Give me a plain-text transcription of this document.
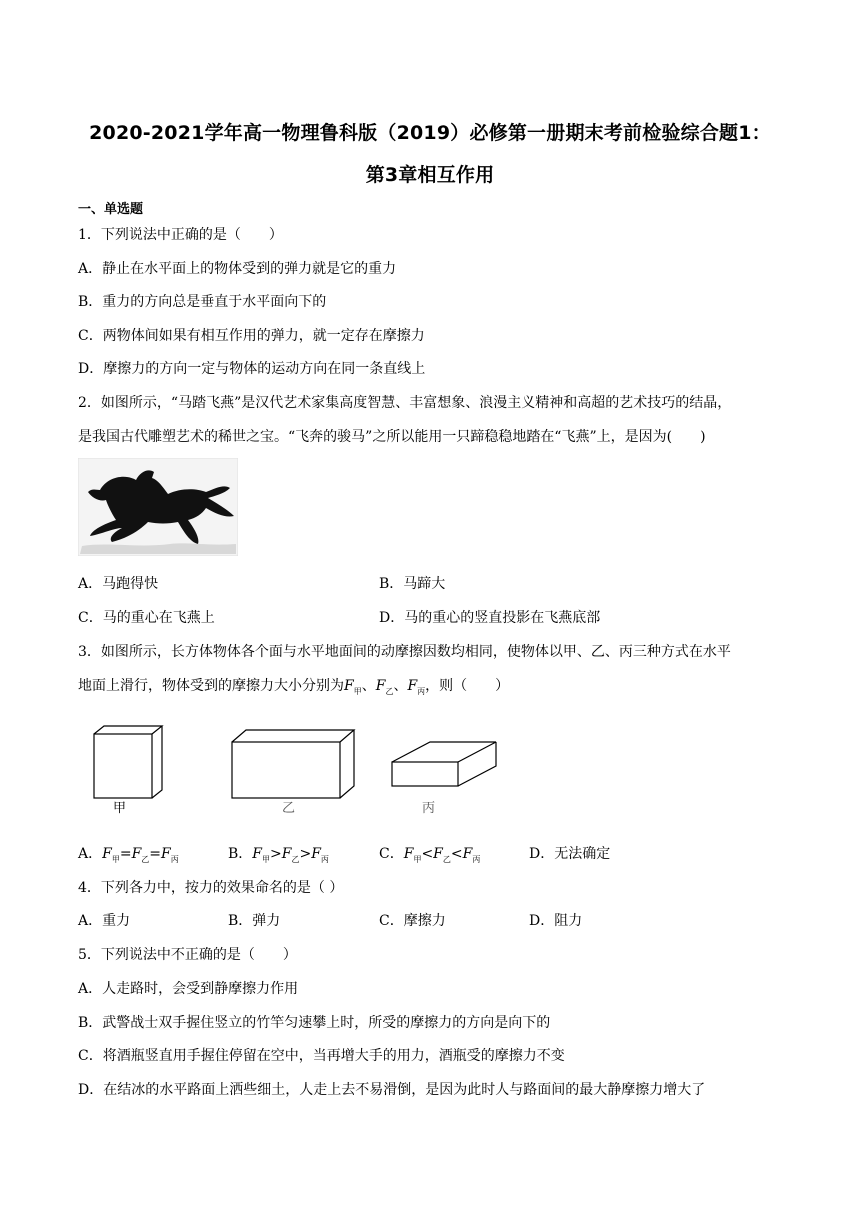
2020-2021学年高一物理鲁科版（2019）必修第一册期末考前检验综合题1：
第3章相互作用
一、单选题
1．下列说法中正确的是（　　）
A．静止在水平面上的物体受到的弹力就是它的重力
B．重力的方向总是垂直于水平面向下的
C．两物体间如果有相互作用的弹力，就一定存在摩擦力
D．摩擦力的方向一定与物体的运动方向在同一条直线上
2．如图所示，“马踏飞燕”是汉代艺术家集高度智慧、丰富想象、浪漫主义精神和高超的艺术技巧的结晶，
是我国古代雕塑艺术的稀世之宝。“飞奔的骏马”之所以能用一只蹄稳稳地踏在“飞燕”上，是因为(　　)
A．马跑得快	B．马蹄大
C．马的重心在飞燕上	D．马的重心的竖直投影在飞燕底部
3．如图所示，长方体物体各个面与水平地面间的动摩擦因数均相同，使物体以甲、乙、丙三种方式在水平
地面上滑行，物体受到的摩擦力大小分别为$F_甲$、$F_乙$、$F_丙$，则（　　）
甲	乙	丙
A．$F_甲=F_乙=F_丙$	B．$F_甲>F_乙>F_丙$	C．$F_甲<F_乙<F_丙$	D．无法确定
4．下列各力中，按力的效果命名的是（ ）
A．重力	B．弹力	C．摩擦力	D．阻力
5．下列说法中不正确的是（　　）
A．人走路时，会受到静摩擦力作用
B．武警战士双手握住竖立的竹竿匀速攀上时，所受的摩擦力的方向是向下的
C．将酒瓶竖直用手握住停留在空中，当再增大手的用力，酒瓶受的摩擦力不变
D．在结冰的水平路面上洒些细土，人走上去不易滑倒，是因为此时人与路面间的最大静摩擦力增大了
